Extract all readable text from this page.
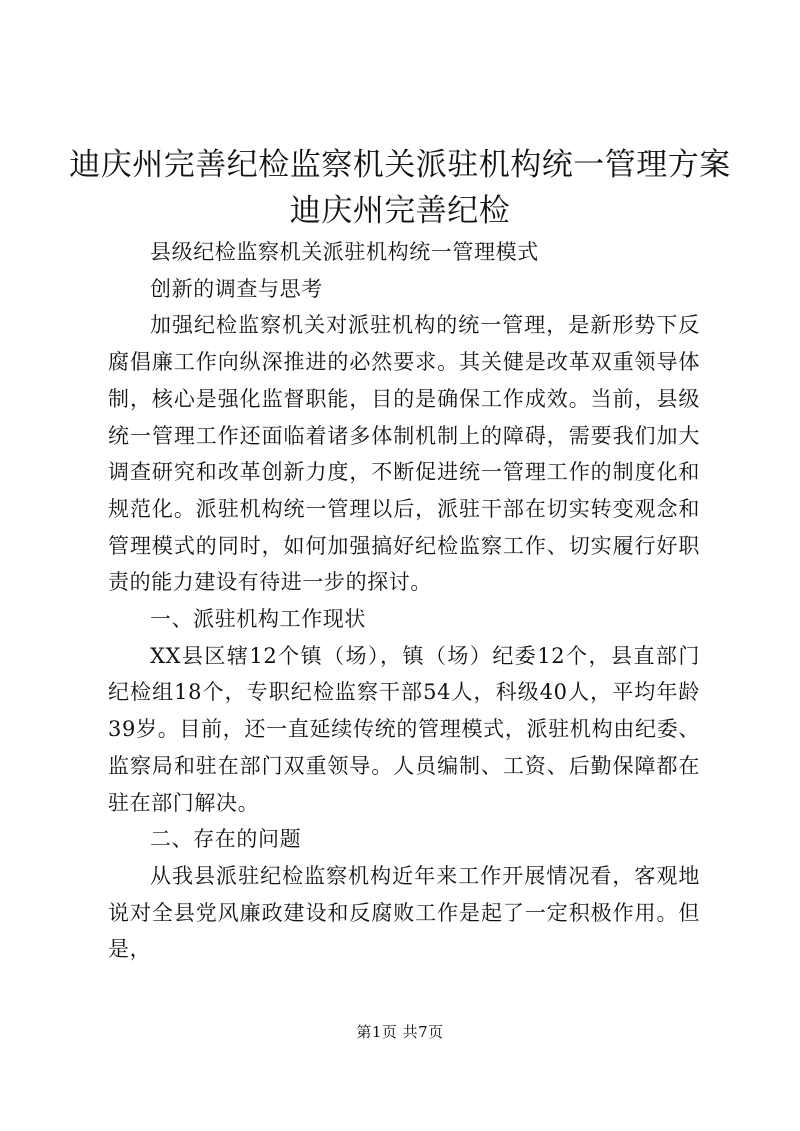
迪庆州完善纪检监察机关派驻机构统一管理方案迪庆州完善纪检

县级纪检监察机关派驻机构统一管理模式

创新的调查与思考

加强纪检监察机关对派驻机构的统一管理，是新形势下反腐倡廉工作向纵深推进的必然要求。其关健是改革双重领导体制，核心是强化监督职能，目的是确保工作成效。当前，县级统一管理工作还面临着诸多体制机制上的障碍，需要我们加大调查研究和改革创新力度，不断促进统一管理工作的制度化和规范化。派驻机构统一管理以后，派驻干部在切实转变观念和管理模式的同时，如何加强搞好纪检监察工作、切实履行好职责的能力建设有待进一步的探讨。

一、派驻机构工作现状

XX县区辖12个镇（场），镇（场）纪委12个，县直部门纪检组18个，专职纪检监察干部54人，科级40人，平均年龄39岁。目前，还一直延续传统的管理模式，派驻机构由纪委、监察局和驻在部门双重领导。人员编制、工资、后勤保障都在驻在部门解决。

二、存在的问题

从我县派驻纪检监察机构近年来工作开展情况看，客观地说对全县党风廉政建设和反腐败工作是起了一定积极作用。但是，

第1页 共7页
